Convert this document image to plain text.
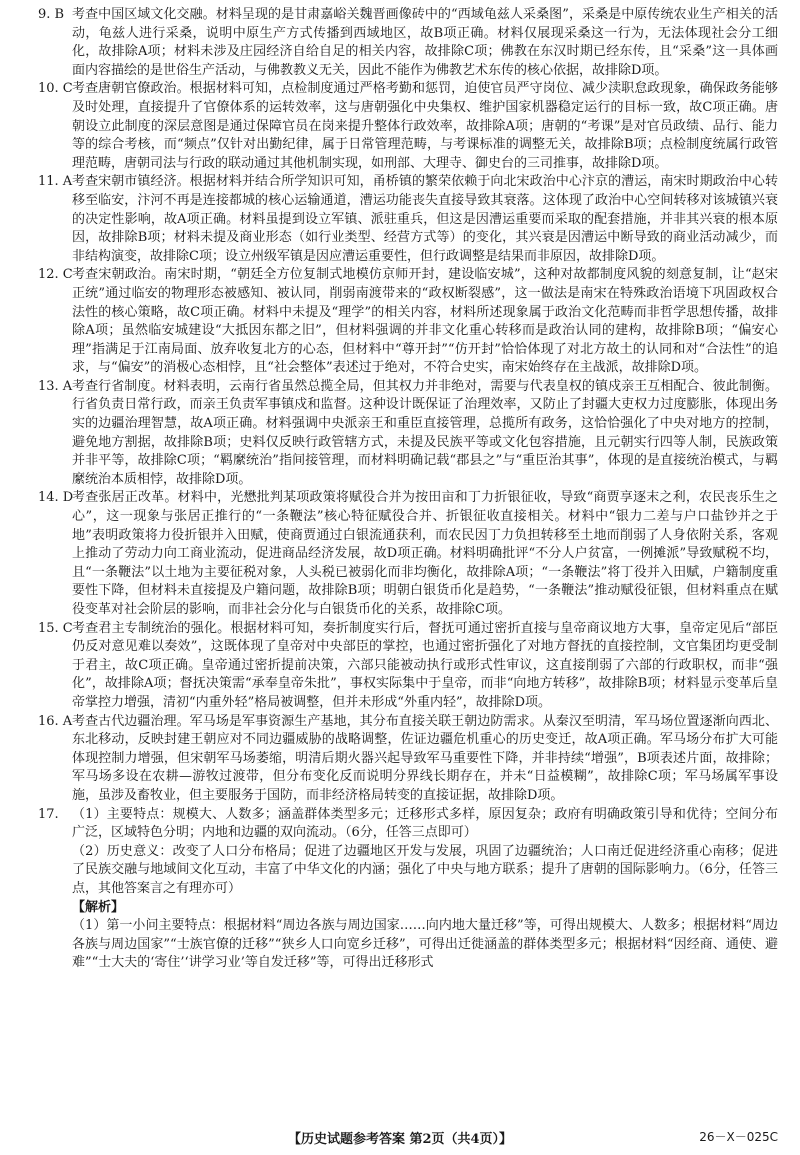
9. B 考查中国区域文化交融。材料呈现的是甘肃嘉峪关魏晋画像砖中的“西域龟兹人采桑图”，采桑是中原传统农业生产相关的活动，龟兹人进行采桑，说明中原生产方式传播到西域地区，故B项正确。材料仅展现采桑这一行为，无法体现社会分工细化，故排除A项；材料未涉及庄园经济自给自足的相关内容，故排除C项；佛教在东汉时期已经东传，且“采桑”这一具体画面内容描绘的是世俗生产活动，与佛教教义无关，因此不能作为佛教艺术东传的核心依据，故排除D项。
10. C 考查唐朝官僚政治。根据材料可知，点检制度通过严格考勤和惩罚，迫使官员严守岗位、减少渎职怠政现象，确保政务能够及时处理，直接提升了官僚体系的运转效率，这与唐朝强化中央集权、维护国家机器稳定运行的目标一致，故C项正确。唐朝设立此制度的深层意图是通过保障官员在岗来提升整体行政效率，故排除A项；唐朝的“考课”是对官员政绩、品行、能力等的综合考核，而“频点”仅针对出勤纪律，属于日常管理范畴，与考课标准的调整无关，故排除B项；点检制度统属行政管理范畴，唐朝司法与行政的联动通过其他机制实现，如刑部、大理寺、御史台的三司推事，故排除D项。
11. A 考查宋朝市镇经济。根据材料并结合所学知识可知，甬桥镇的繁荣依赖于向北宋政治中心汴京的漕运，南宋时期政治中心转移至临安，汴河不再是连接都城的核心运输通道，漕运功能丧失直接导致其衰落。这体现了政治中心空间转移对该城镇兴衰的决定性影响，故A项正确。材料虽提到设立军镇、派驻重兵，但这是因漕运重要而采取的配套措施，并非其兴衰的根本原因，故排除B项；材料未提及商业形态（如行业类型、经营方式等）的变化，其兴衰是因漕运中断导致的商业活动减少，而非结构演变，故排除C项；设立州级军镇是因应漕运重要性，但行政调整是结果而非原因，故排除D项。
12. C 考查宋朝政治。南宋时期，“朝廷全方位复制式地模仿京师开封，建设临安城”，这种对故都制度风貌的刻意复制，让“赵宋正统”通过临安的物理形态被感知、被认同，削弱南渡带来的“政权断裂感”，这一做法是南宋在特殊政治语境下巩固政权合法性的核心策略，故C项正确。材料中未提及“理学”的相关内容，材料所述现象属于政治文化范畴而非哲学思想传播，故排除A项；虽然临安城建设“大抵因东都之旧”，但材料强调的并非文化重心转移而是政治认同的建构，故排除B项；“偏安心理”指满足于江南局面、放弃收复北方的心态，但材料中“尊开封”“仿开封”恰恰体现了对北方故土的认同和对“合法性”的追求，与“偏安”的消极心态相悖，且“社会整体”表述过于绝对，不符合史实，南宋始终存在主战派，故排除D项。
13. A 考查行省制度。材料表明，云南行省虽然总揽全局，但其权力并非绝对，需要与代表皇权的镇戍亲王互相配合、彼此制衡。行省负责日常行政，而亲王负责军事镇戍和监督。这种设计既保证了治理效率，又防止了封疆大吏权力过度膨胀，体现出务实的边疆治理智慧，故A项正确。材料强调中央派亲王和重臣直接管理，总揽所有政务，这恰恰强化了中央对地方的控制，避免地方割据，故排除B项；史料仅反映行政管辖方式，未提及民族平等或文化包容措施，且元朝实行四等人制，民族政策并非平等，故排除C项；“羁縻统治”指间接管理，而材料明确记载“郡县之”与“重臣治其事”，体现的是直接统治模式，与羁縻统治本质相悖，故排除D项。
14. D
考查张居正改革。材料中，光懋批判某项政策将赋役合并为按田亩和丁力折银征收，导致“商贾享逐末之利，农民丧乐生之心”，这一现象与张居正推行的“一条鞭法”核心特征赋役合并、折银征收直接相关。材料中“银力二差与户口盐钞并之于地”表明政策将力役折银并入田赋，使商贾通过白银流通获利，而农民因丁力负担转移至土地而削弱了人身依附关系，客观上推动了劳动力向工商业流动，促进商品经济发展，故D项正确。材料明确批评“不分人户贫富，一例摊派”导致赋税不均，且“一条鞭法”以土地为主要征税对象，人头税已被弱化而非均衡化，故排除A项；“一条鞭法”将丁役并入田赋，户籍制度重要性下降，但材料未直接提及户籍问题，故排除B项；明朝白银货币化是趋势，“一条鞭法”推动赋役征银，但材料重点在赋役变革对社会阶层的影响，而非社会分化与白银货币化的关系，故排除C项。
15. C 考查君主专制统治的强化。根据材料可知，奏折制度实行后，督抚可通过密折直接与皇帝商议地方大事，皇帝定见后“部臣仍反对意见难以奏效”，这既体现了皇帝对中央部臣的掌控，也通过密折强化了对地方督抚的直接控制，文官集团均更受制于君主，故C项正确。皇帝通过密折提前决策，六部只能被动执行或形式性审议，这直接削弱了六部的行政职权，而非“强化”，故排除A项；督抚决策需“承奉皇帝朱批”，事权实际集中于皇帝，而非“向地方转移”，故排除B项；材料显示变革后皇帝掌控力增强，清初“内重外轻”格局被调整，但并未形成“外重内轻”，故排除D项。
16. A 考查古代边疆治理。军马场是军事资源生产基地，其分布直接关联王朝边防需求。从秦汉至明清，军马场位置逐渐向西北、东北移动，反映封建王朝应对不同边疆威胁的战略调整，佐证边疆危机重心的历史变迁，故A项正确。军马场分布扩大可能体现控制力增强，但宋朝军马场萎缩，明清后期火器兴起导致军马重要性下降，并非持续“增强”，B项表述片面，故排除；军马场多设在农耕—游牧过渡带，但分布变化反而说明分界线长期存在，并未“日益模糊”，故排除C项；军马场属军事设施，虽涉及畜牧业，但主要服务于国防，而非经济格局转变的直接证据，故排除D项。
17.	（1）主要特点：规模大、人数多；涵盖群体类型多元；迁移形式多样，原因复杂；政府有明确政策引导和优待；空间分布广泛，区域特色分明；内地和边疆的双向流动。（6分，任答三点即可）
（2）历史意义：改变了人口分布格局；促进了边疆地区开发与发展，巩固了边疆统治；人口南迁促进经济重心南移；促进了民族交融与地域间文化互动，丰富了中华文化的内涵；强化了中央与地方联系；提升了唐朝的国际影响力。（6分，任答三点，其他答案言之有理亦可）
【解析】
（1）第一小问主要特点：根据材料“周边各族与周边国家……向内地大量迁移”等，可得出规模大、人数多；根据材料“周边各族与周边国家”“士族官僚的迁移”“狭乡人口向宽乡迁移”，可得出迁徙涵盖的群体类型多元；根据材料“因经商、通使、避难”“士大夫的‘寄住’‘讲学习业’等自发迁移”等，可得出迁移形式
【历史试题参考答案 第2页（共4页）】	26－X－025C
